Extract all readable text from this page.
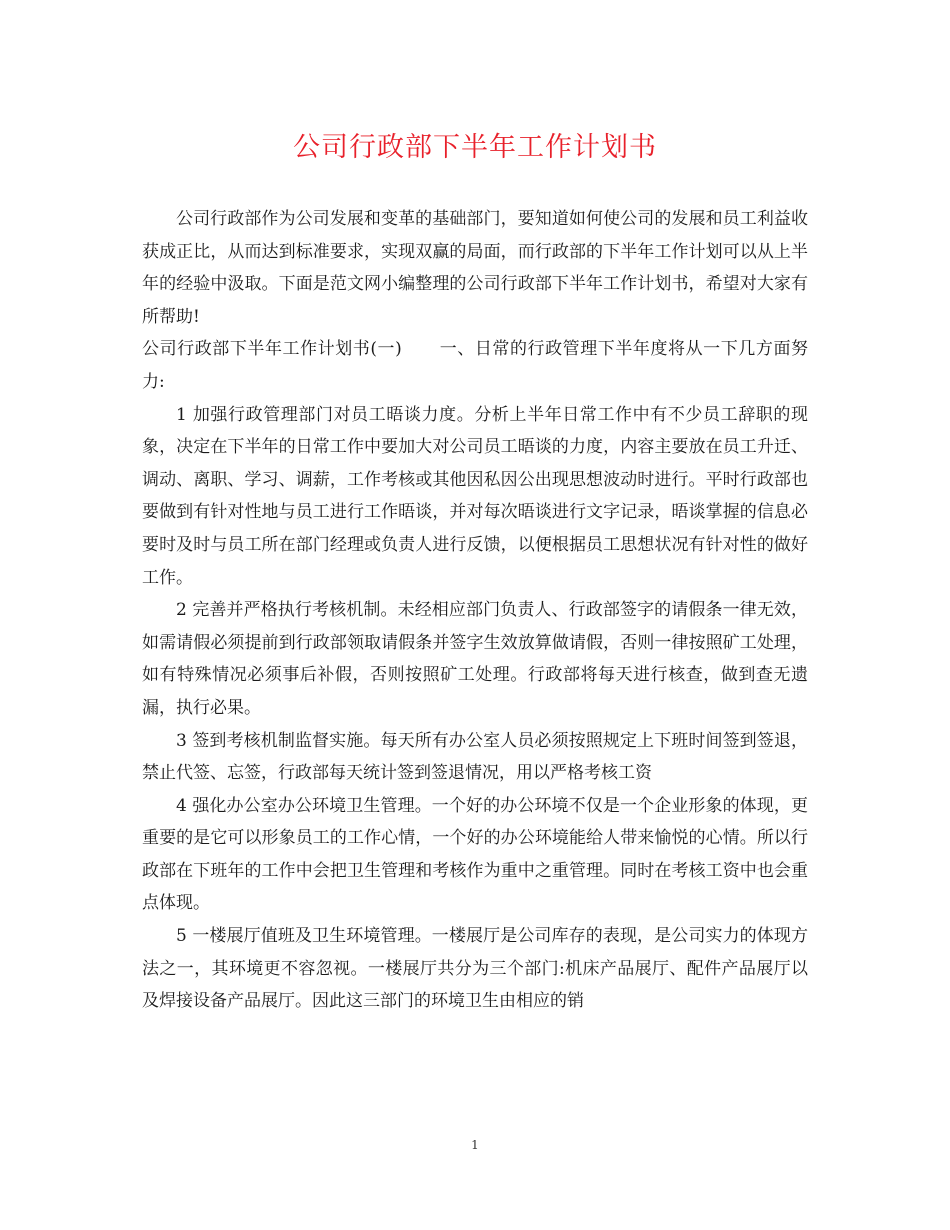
公司行政部下半年工作计划书

公司行政部作为公司发展和变革的基础部门，要知道如何使公司的发展和员工利益收获成正比，从而达到标准要求，实现双赢的局面，而行政部的下半年工作计划可以从上半年的经验中汲取。下面是范文网小编整理的公司行政部下半年工作计划书，希望对大家有所帮助!

公司行政部下半年工作计划书(一) 一、日常的行政管理下半年度将从一下几方面努力:

1 加强行政管理部门对员工晤谈力度。分析上半年日常工作中有不少员工辞职的现象，决定在下半年的日常工作中要加大对公司员工晤谈的力度，内容主要放在员工升迁、调动、离职、学习、调薪，工作考核或其他因私因公出现思想波动时进行。平时行政部也要做到有针对性地与员工进行工作晤谈，并对每次晤谈进行文字记录，晤谈掌握的信息必要时及时与员工所在部门经理或负责人进行反馈，以便根据员工思想状况有针对性的做好工作。

2 完善并严格执行考核机制。未经相应部门负责人、行政部签字的请假条一律无效，如需请假必须提前到行政部领取请假条并签字生效放算做请假，否则一律按照矿工处理，如有特殊情况必须事后补假，否则按照矿工处理。行政部将每天进行核查，做到查无遗漏，执行必果。

3 签到考核机制监督实施。每天所有办公室人员必须按照规定上下班时间签到签退，禁止代签、忘签，行政部每天统计签到签退情况，用以严格考核工资

4 强化办公室办公环境卫生管理。一个好的办公环境不仅是一个企业形象的体现，更重要的是它可以形象员工的工作心情，一个好的办公环境能给人带来愉悦的心情。所以行政部在下班年的工作中会把卫生管理和考核作为重中之重管理。同时在考核工资中也会重点体现。

5 一楼展厅值班及卫生环境管理。一楼展厅是公司库存的表现，是公司实力的体现方法之一，其环境更不容忽视。一楼展厅共分为三个部门:机床产品展厅、配件产品展厅以及焊接设备产品展厅。因此这三部门的环境卫生由相应的销

1
